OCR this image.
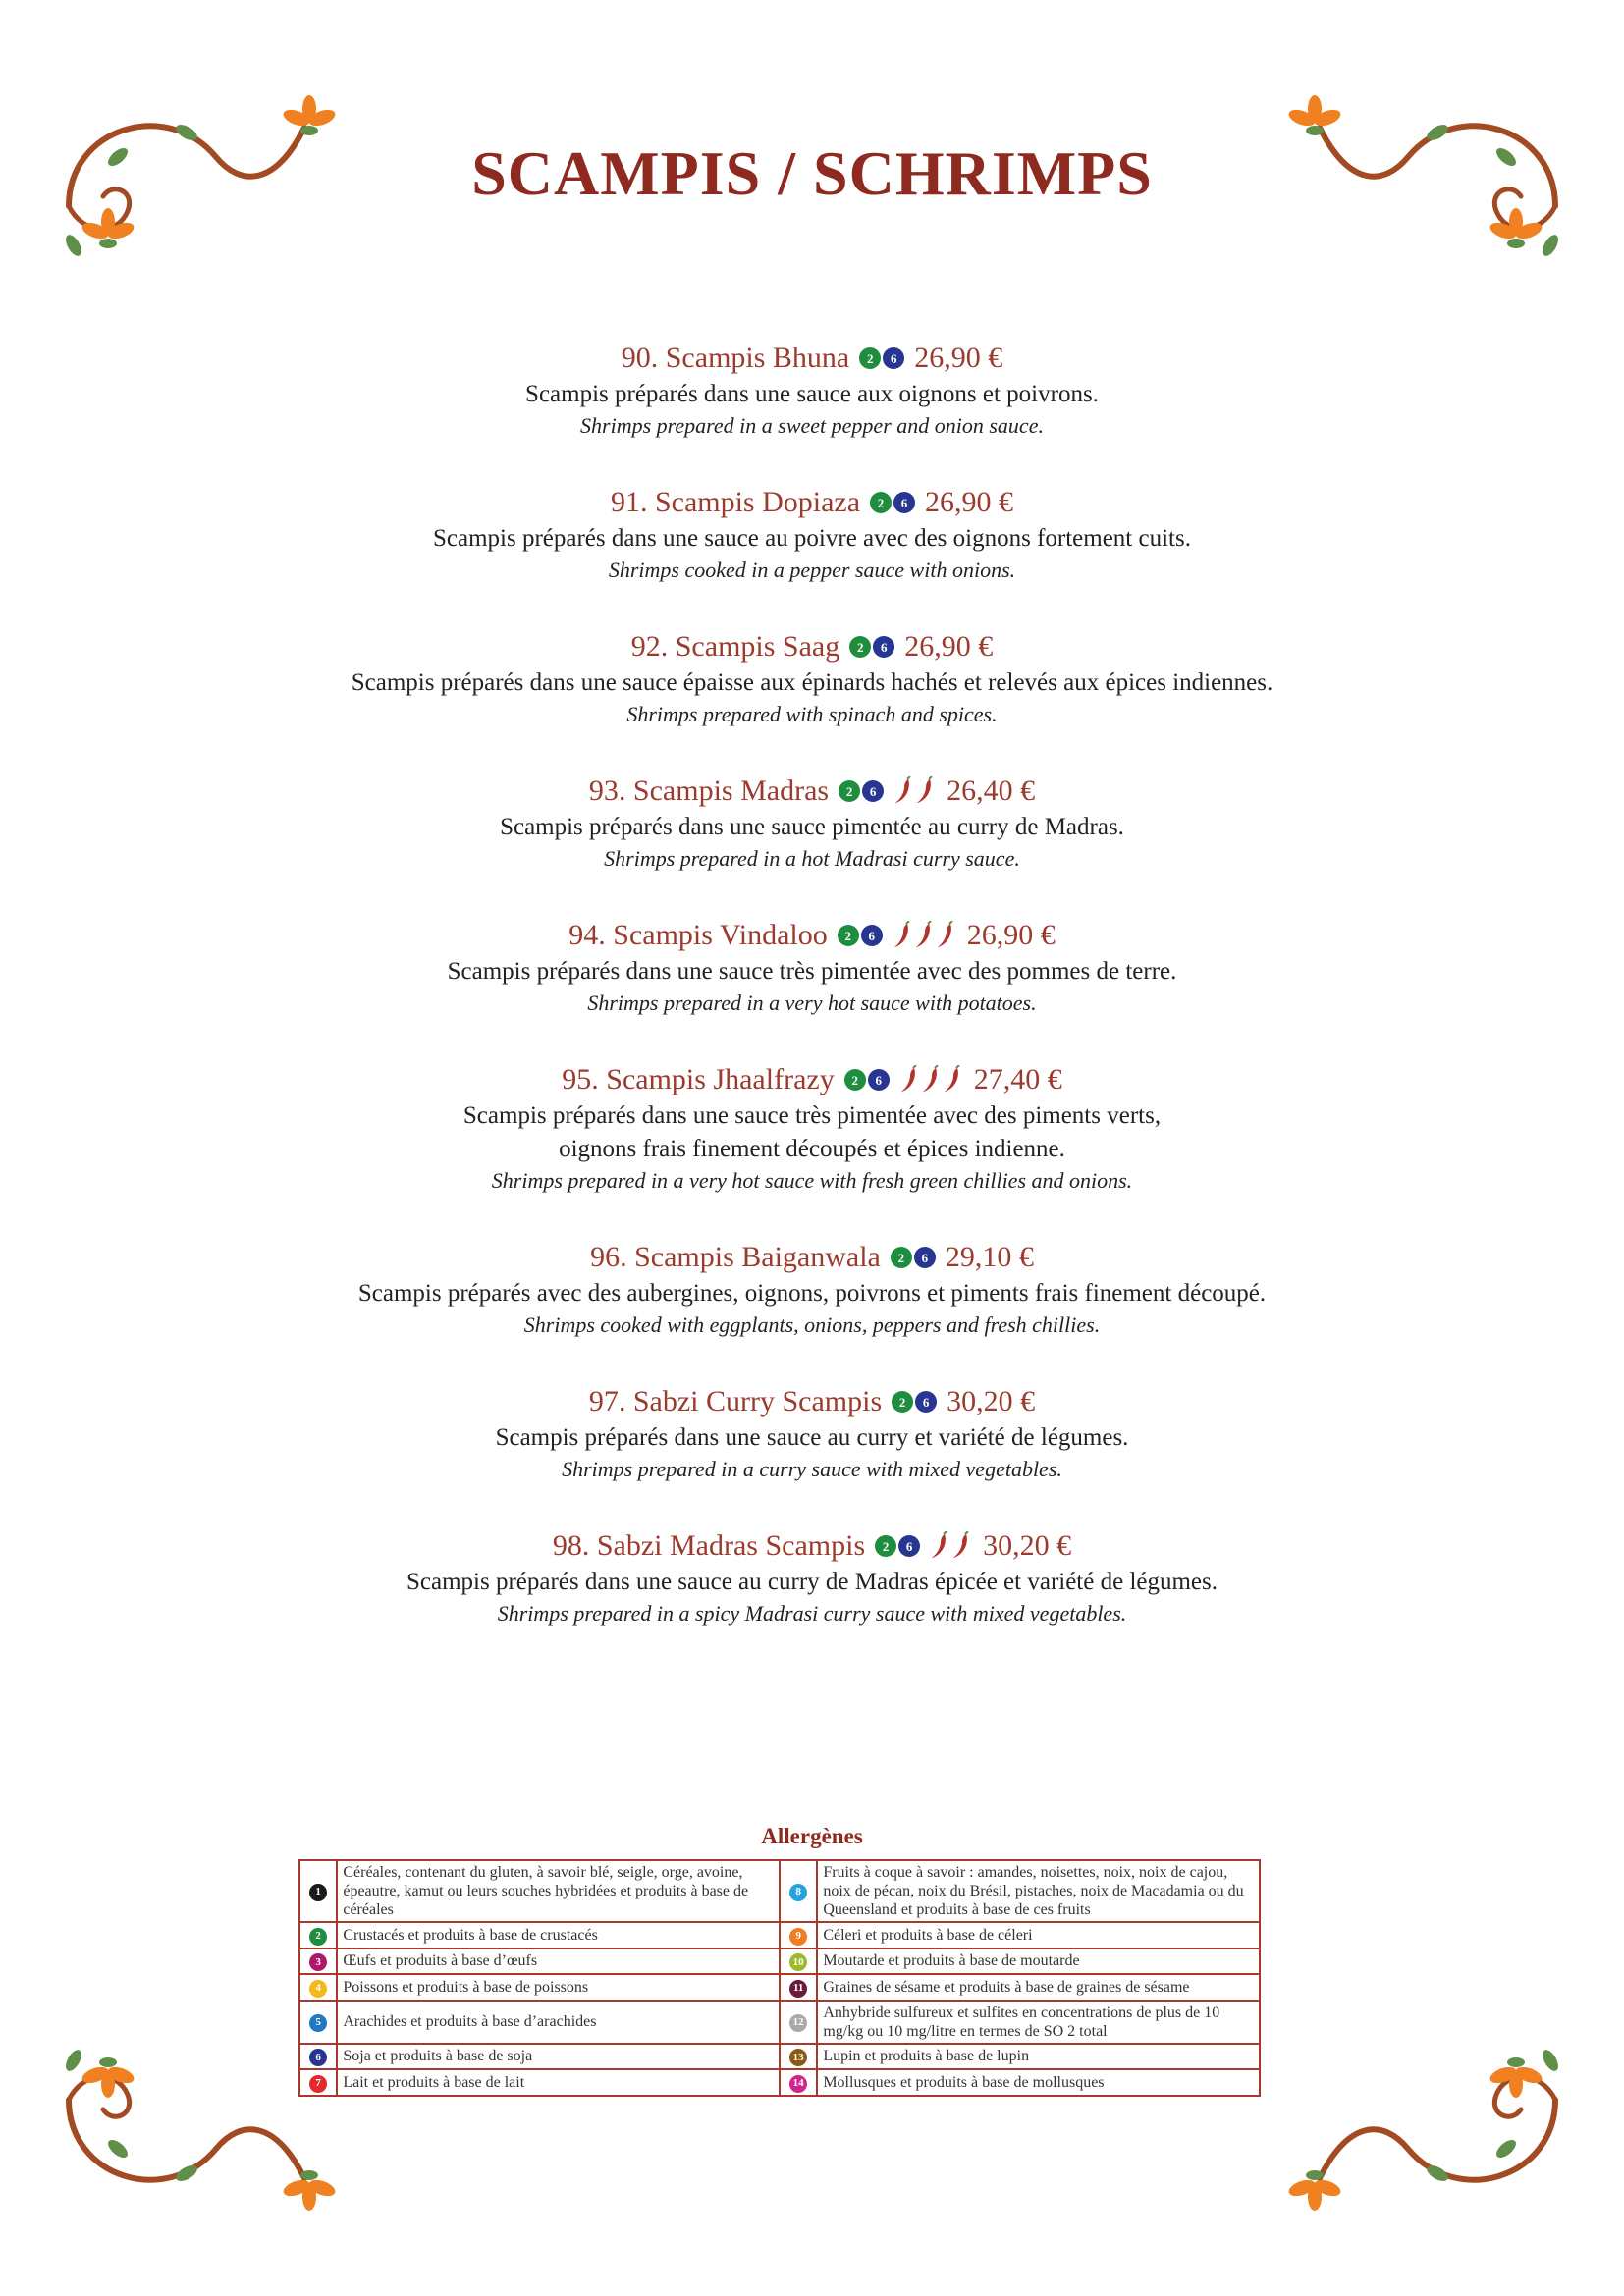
SCAMPIS / SCHRIMPS
90. Scampis Bhuna	2	6 26,90 €
Scampis préparés dans une sauce aux oignons et poivrons.
Shrimps prepared in a sweet pepper and onion sauce.
91. Scampis Dopiaza	2	6 26,90 €
Scampis préparés dans une sauce au poivre avec des oignons fortement cuits.
Shrimps cooked in a pepper sauce with onions.
92. Scampis Saag	2	6 26,90 €
Scampis préparés dans une sauce épaisse aux épinards hachés et relevés aux épices indiennes.
Shrimps prepared with spinach and spices.
93. Scampis Madras	2	6 26,40 €
Scampis préparés dans une sauce pimentée au curry de Madras.
Shrimps prepared in a hot Madrasi curry sauce.
94. Scampis Vindaloo	2	6	26,90 €
Scampis préparés dans une sauce très pimentée avec des pommes de terre.
Shrimps prepared in a very hot sauce with potatoes.
95. Scampis Jhaalfrazy	2	6	27,40 €
Scampis préparés dans une sauce très pimentée avec des piments verts,
oignons frais finement découpés et épices indienne.
Shrimps prepared in a very hot sauce with fresh green chillies and onions.
96. Scampis Baiganwala	2	6 29,10 €
Scampis préparés avec des aubergines, oignons, poivrons et piments frais finement découpé.
Shrimps cooked with eggplants, onions, peppers and fresh chillies.
97. Sabzi Curry Scampis	2	6 30,20 €
Scampis préparés dans une sauce au curry et variété de légumes.
Shrimps prepared in a curry sauce with mixed vegetables.
98. Sabzi Madras Scampis	2	6 30,20 €
Scampis préparés dans une sauce au curry de Madras épicée et variété de légumes.
Shrimps prepared in a spicy Madrasi curry sauce with mixed vegetables.
Allergènes
1	Céréales, contenant du gluten, à savoir blé, seigle, orge, avoine, épeautre, kamut ou leurs souches hybridées et produits à base de céréales	8	Fruits à coque à savoir : amandes, noisettes, noix, noix de cajou, noix de pécan, noix du Brésil, pistaches, noix de Macadamia ou du Queensland et produits à base de ces fruits
2	Crustacés et produits à base de crustacés	9	Céleri et produits à base de céleri
3	Œufs et produits à base d’œufs	10	Moutarde et produits à base de moutarde
4	Poissons et produits à base de poissons	11	Graines de sésame et produits à base de graines de sésame
5	Arachides et produits à base d’arachides	12	Anhybride sulfureux et sulfites en concentrations de plus de 10 mg/kg ou 10 mg/litre en termes de SO 2 total
6	Soja et produits à base de soja	13	Lupin et produits à base de lupin
7	Lait et produits à base de lait	14	Mollusques et produits à base de mollusques
